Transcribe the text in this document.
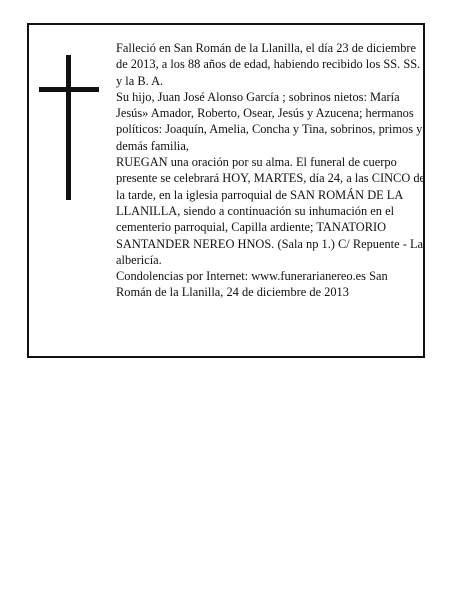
Falleció en San Román de la Llanilla, el día 23 de diciembre de 2013, a los 88 años de edad, habiendo recibido los SS. SS. y la B. A.

Su hijo, Juan José Alonso García ; sobrinos nietos: María Jesús» Amador, Roberto, Osear, Jesús y Azucena; hermanos políticos: Joaquín, Amelia, Concha y Tina, sobrinos, primos y demás familia,

RUEGAN una oración por su alma. El funeral de cuerpo presente se celebrará HOY, MARTES, día 24, a las CINCO de la tarde, en la iglesia parroquial de SAN ROMÁN DE LA LLANILLA, siendo a continuación su inhumación en el cementerio parroquial, Capilla ardiente; TANATORIO SANTANDER NEREO HNOS. (Sala np 1.) C/ Repuente - La albericía.

Condolencias por Internet: www.funerarianereo.es San Román de la Llanilla, 24 de diciembre de 2013
